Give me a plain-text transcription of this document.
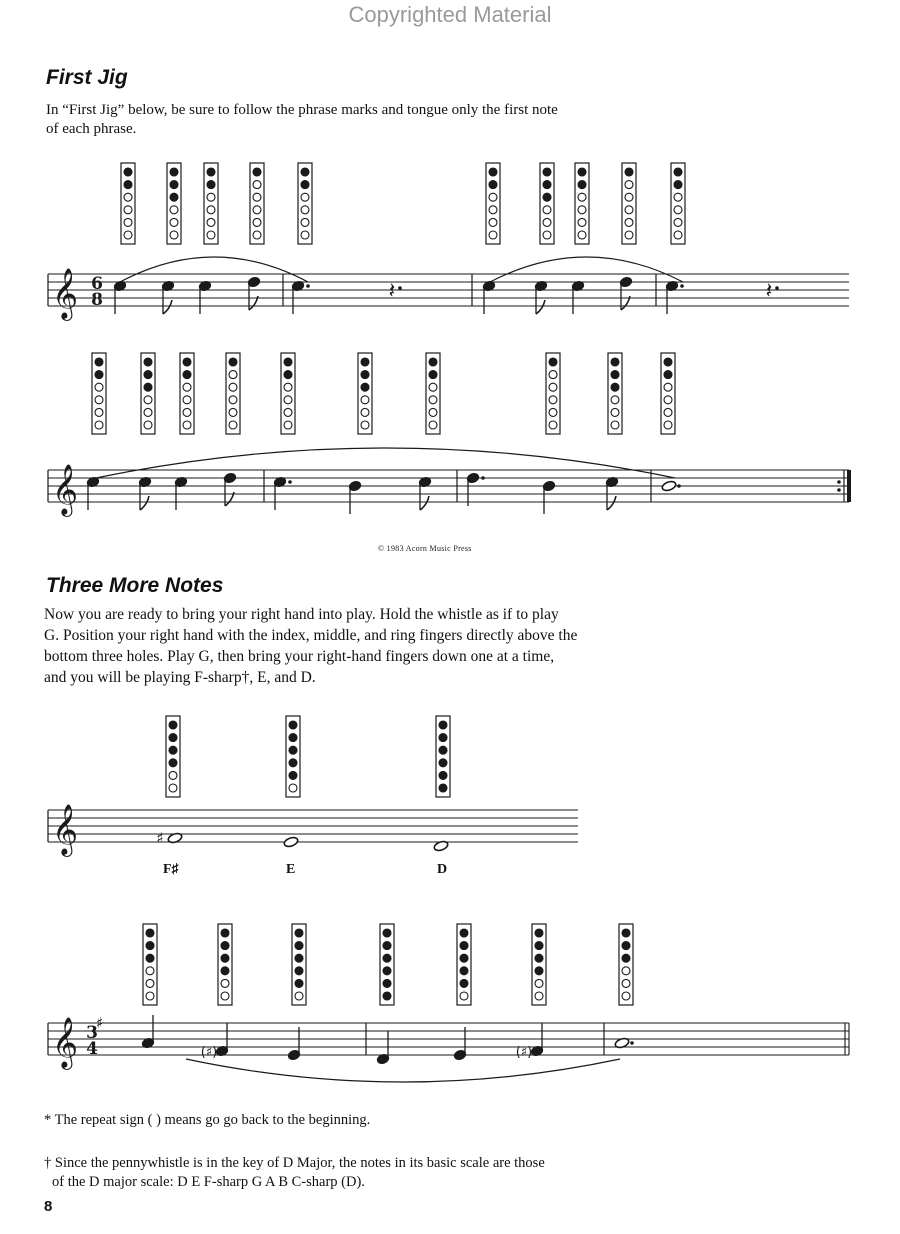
Copyrighted Material
First Jig
In “First Jig” below, be sure to follow the phrase marks and tongue only the first note
of each phrase.
© 1983 Acorn Music Press
Three More Notes
Now you are ready to bring your right hand into play. Hold the whistle as if to play
G. Position your right hand with the index, middle, and ring fingers directly above the
bottom three holes. Play G, then bring your right-hand fingers down one at a time,
and you will be playing F-sharp†, E, and D.
F♯	E	D
* The repeat sign ( ) means go go back to the beginning.
† Since the pennywhistle is in the key of D Major, the notes in its basic scale are those
of the D major scale: D E F-sharp G A B C-sharp (D).
8
𝄞 6
8	𝄽	𝄽
𝄞
𝄞	♯
𝄞 ♯
3
4	(♯)	(♯)
